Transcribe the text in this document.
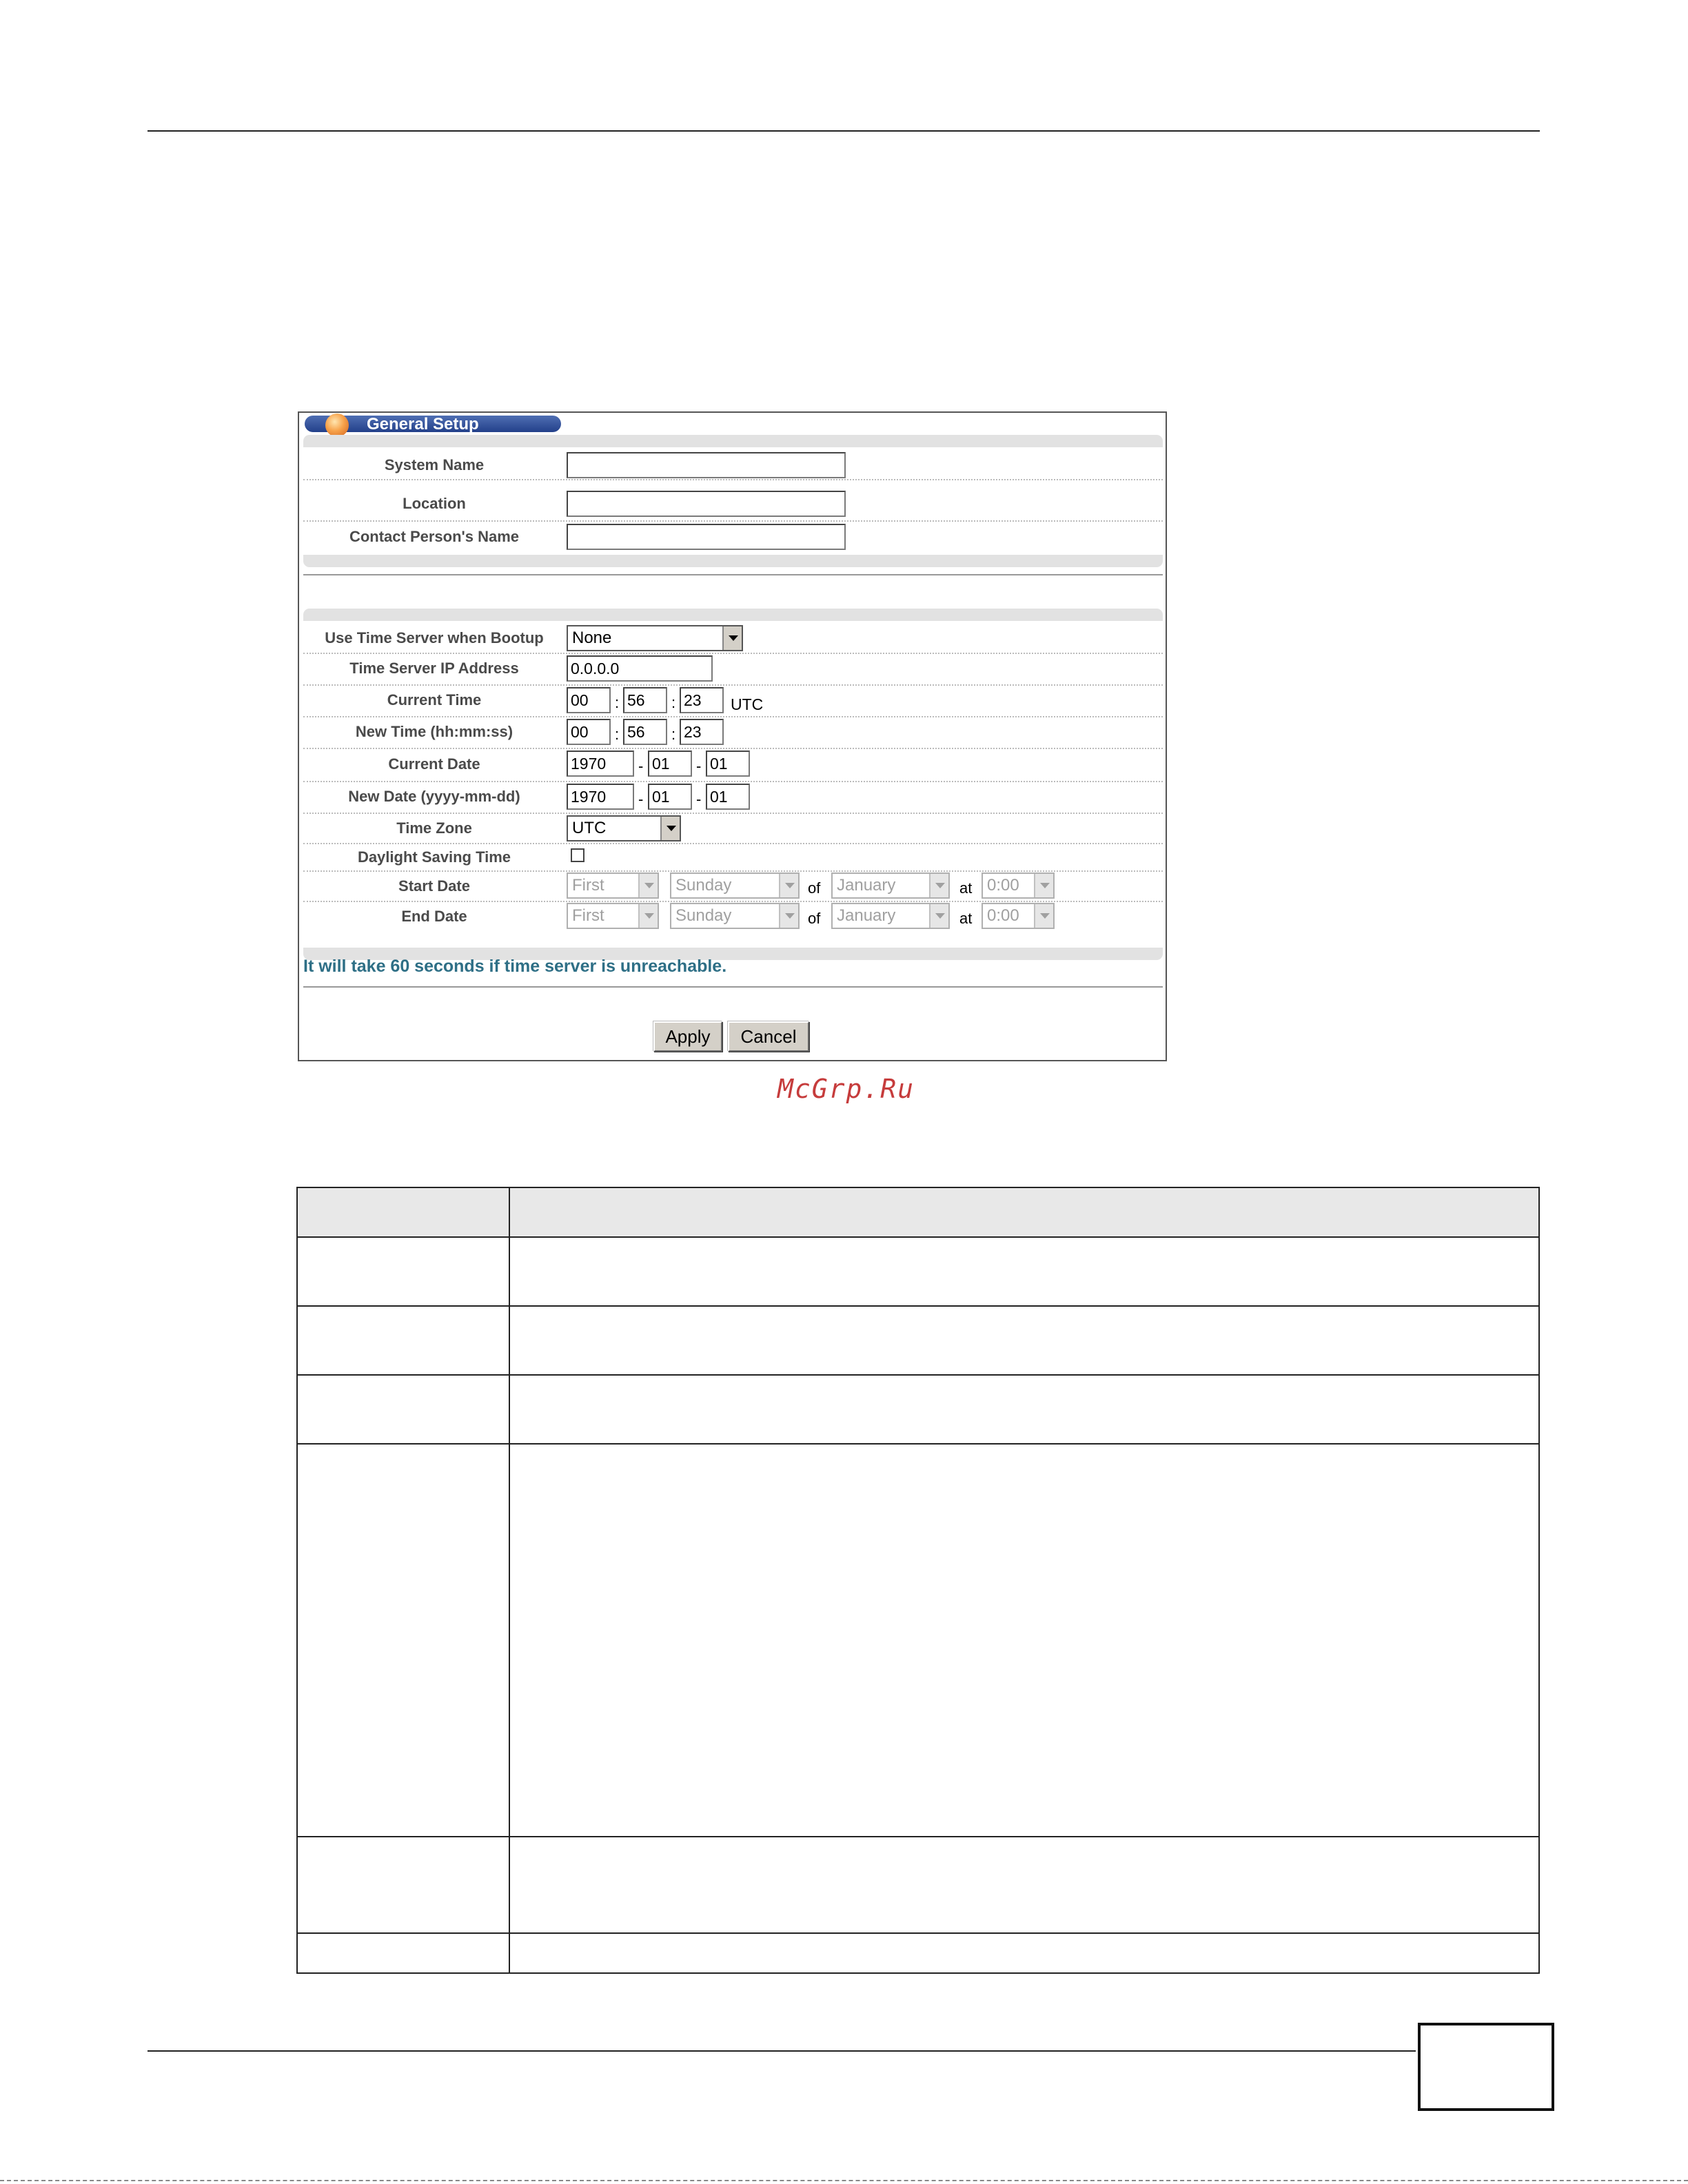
General Setup
System Name
Location
Contact Person's Name
Use Time Server when Bootup	None
Time Server IP Address	0.0.0.0
Current Time	00	: 56	: 23	UTC
New Time (hh:mm:ss)	00	: 56	: 23
Current Date	1970	- 01	- 01
New Date (yyyy-mm-dd)	1970	- 01	- 01
Time Zone	UTC
Daylight Saving Time
Start Date	First	Sunday	of January	at 0:00
End Date	First	Sunday	of January	at 0:00
It will take 60 seconds if time server is unreachable.
Apply	Cancel
McGrp.Ru
